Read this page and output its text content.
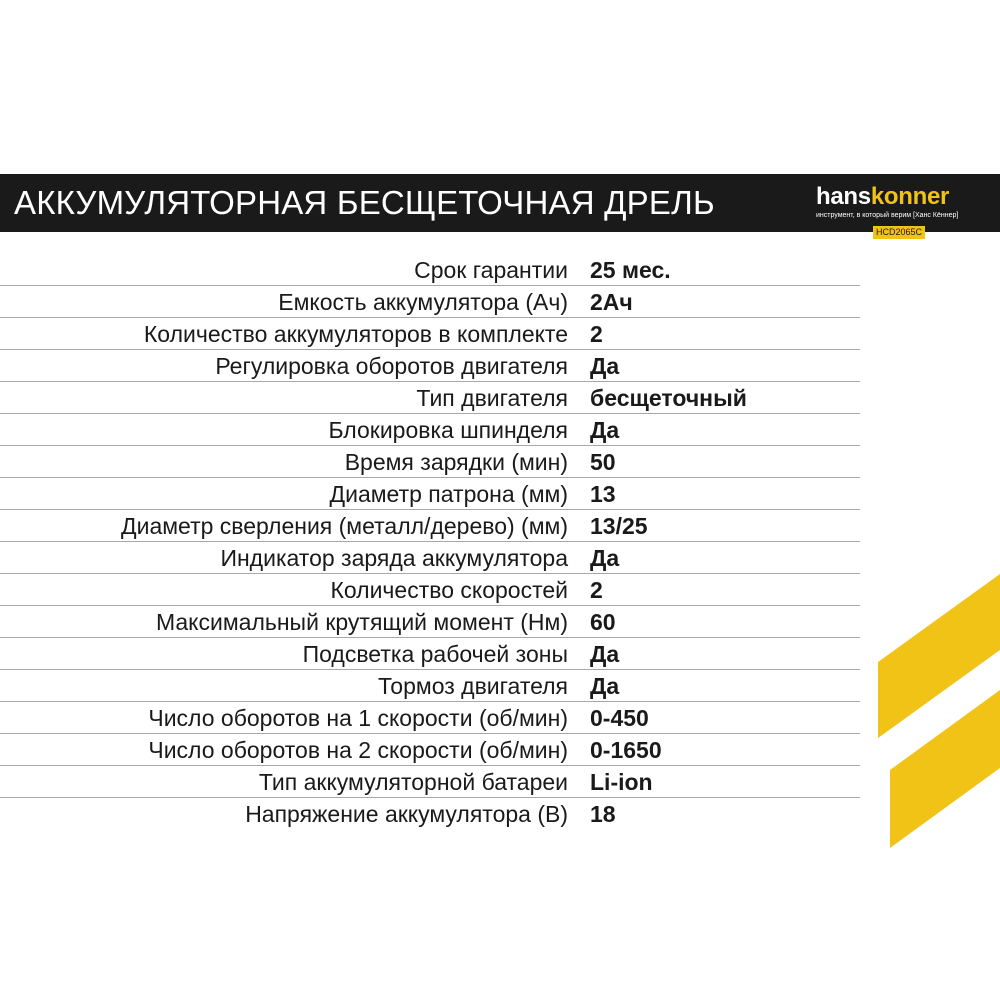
АККУМУЛЯТОРНАЯ БЕСЩЕТОЧНАЯ ДРЕЛЬ	hanskonner
инструмент, в который верим [Ханс Кённер]
HCD2065C
Срок гарантии 25 мес.
Емкость аккумулятора (Ач) 2Ач
Количество аккумуляторов в комплекте 2
Регулировка оборотов двигателя Да
Тип двигателя бесщеточный
Блокировка шпинделя Да
Время зарядки (мин) 50
Диаметр патрона (мм) 13
Диаметр сверления (металл/дерево) (мм) 13/25
Индикатор заряда аккумулятора Да
Количество скоростей 2
Максимальный крутящий момент (Нм) 60
Подсветка рабочей зоны Да
Тормоз двигателя Да
Число оборотов на 1 скорости (об/мин) 0-450
Число оборотов на 2 скорости (об/мин) 0-1650
Тип аккумуляторной батареи Li-ion
Напряжение аккумулятора (В) 18
